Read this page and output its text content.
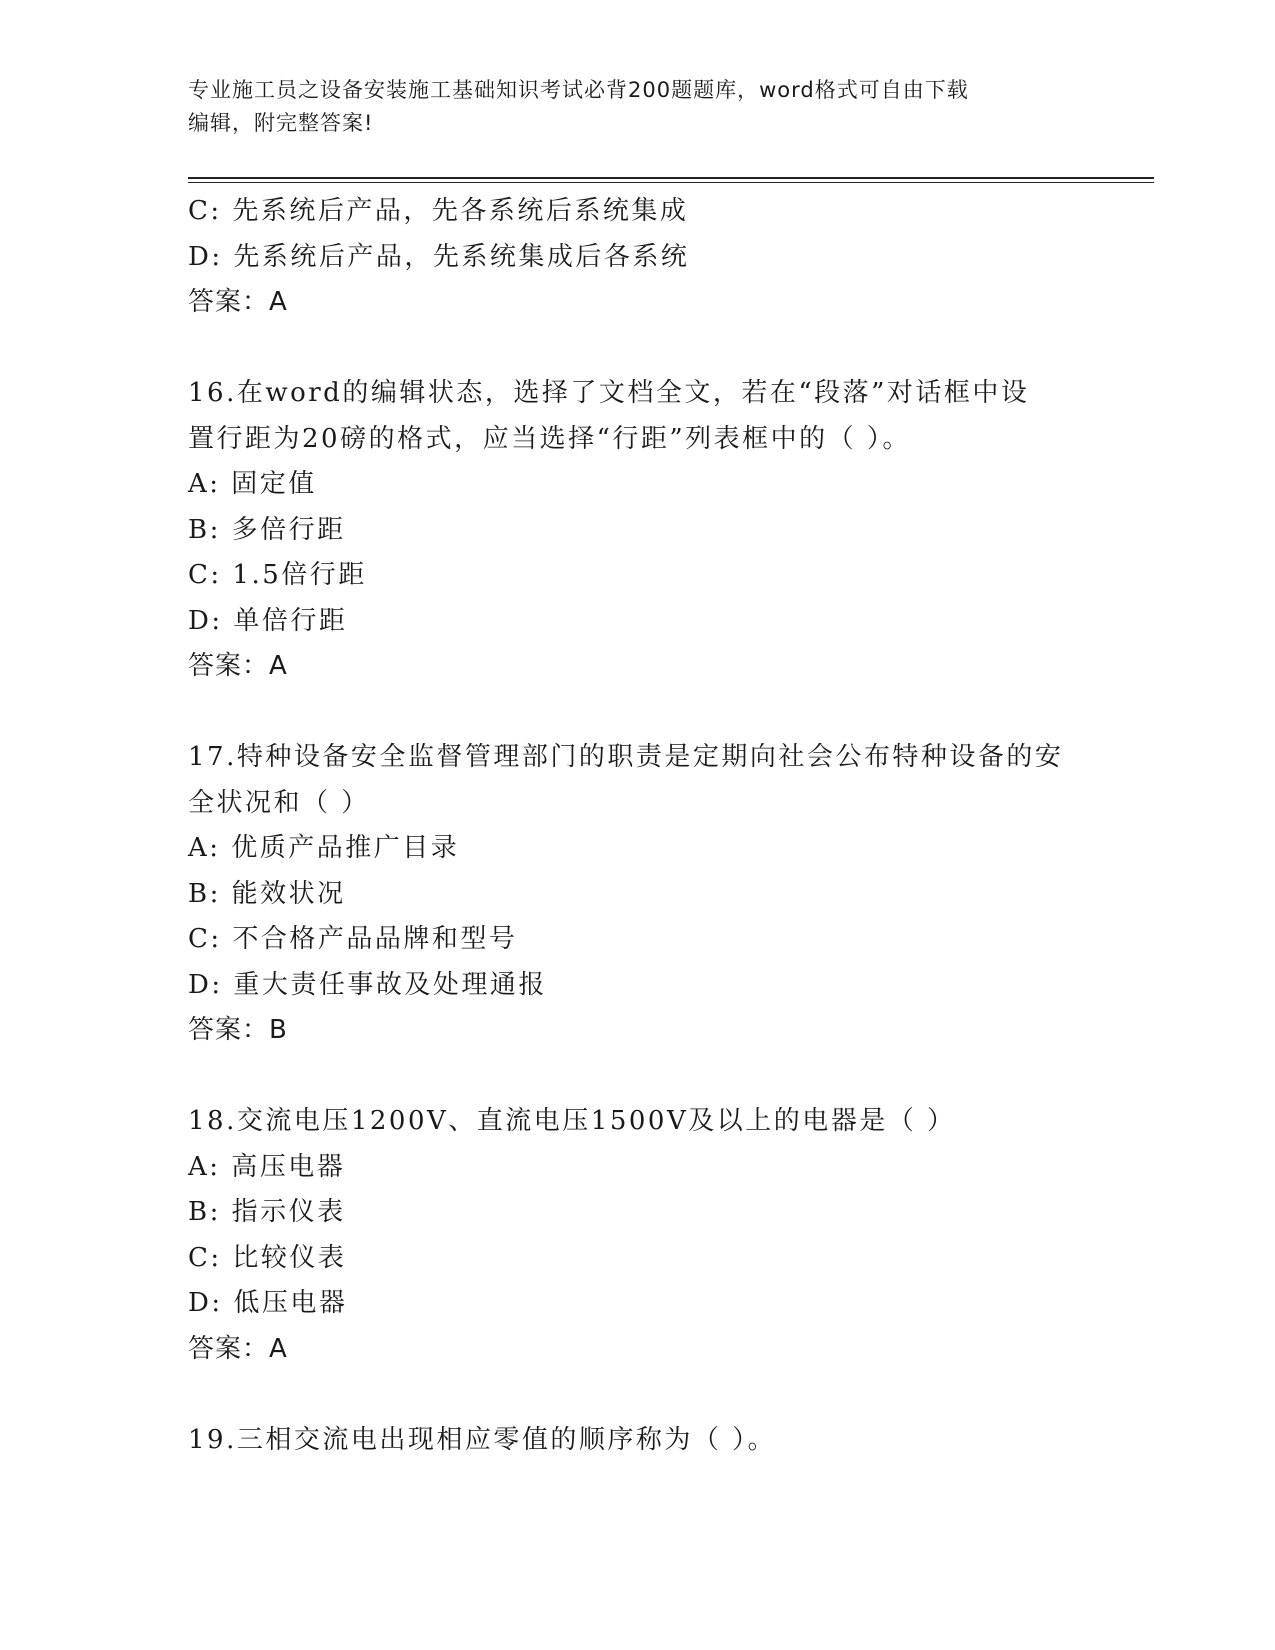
专业施工员之设备安装施工基础知识考试必背200题题库，word格式可自由下载
编辑，附完整答案!
C: 先系统后产品，先各系统后系统集成
D: 先系统后产品，先系统集成后各系统
答案：A
16.在word的编辑状态，选择了文档全文，若在“段落”对话框中设
置行距为20磅的格式，应当选择“行距”列表框中的（ ）。
A: 固定值
B: 多倍行距
C: 1.5倍行距
D: 单倍行距
答案：A
17.特种设备安全监督管理部门的职责是定期向社会公布特种设备的安
全状况和（ ）
A: 优质产品推广目录
B: 能效状况
C: 不合格产品品牌和型号
D: 重大责任事故及处理通报
答案：B
18.交流电压1200V、直流电压1500V及以上的电器是（ ）
A: 高压电器
B: 指示仪表
C: 比较仪表
D: 低压电器
答案：A
19.三相交流电出现相应零值的顺序称为（ ）。
